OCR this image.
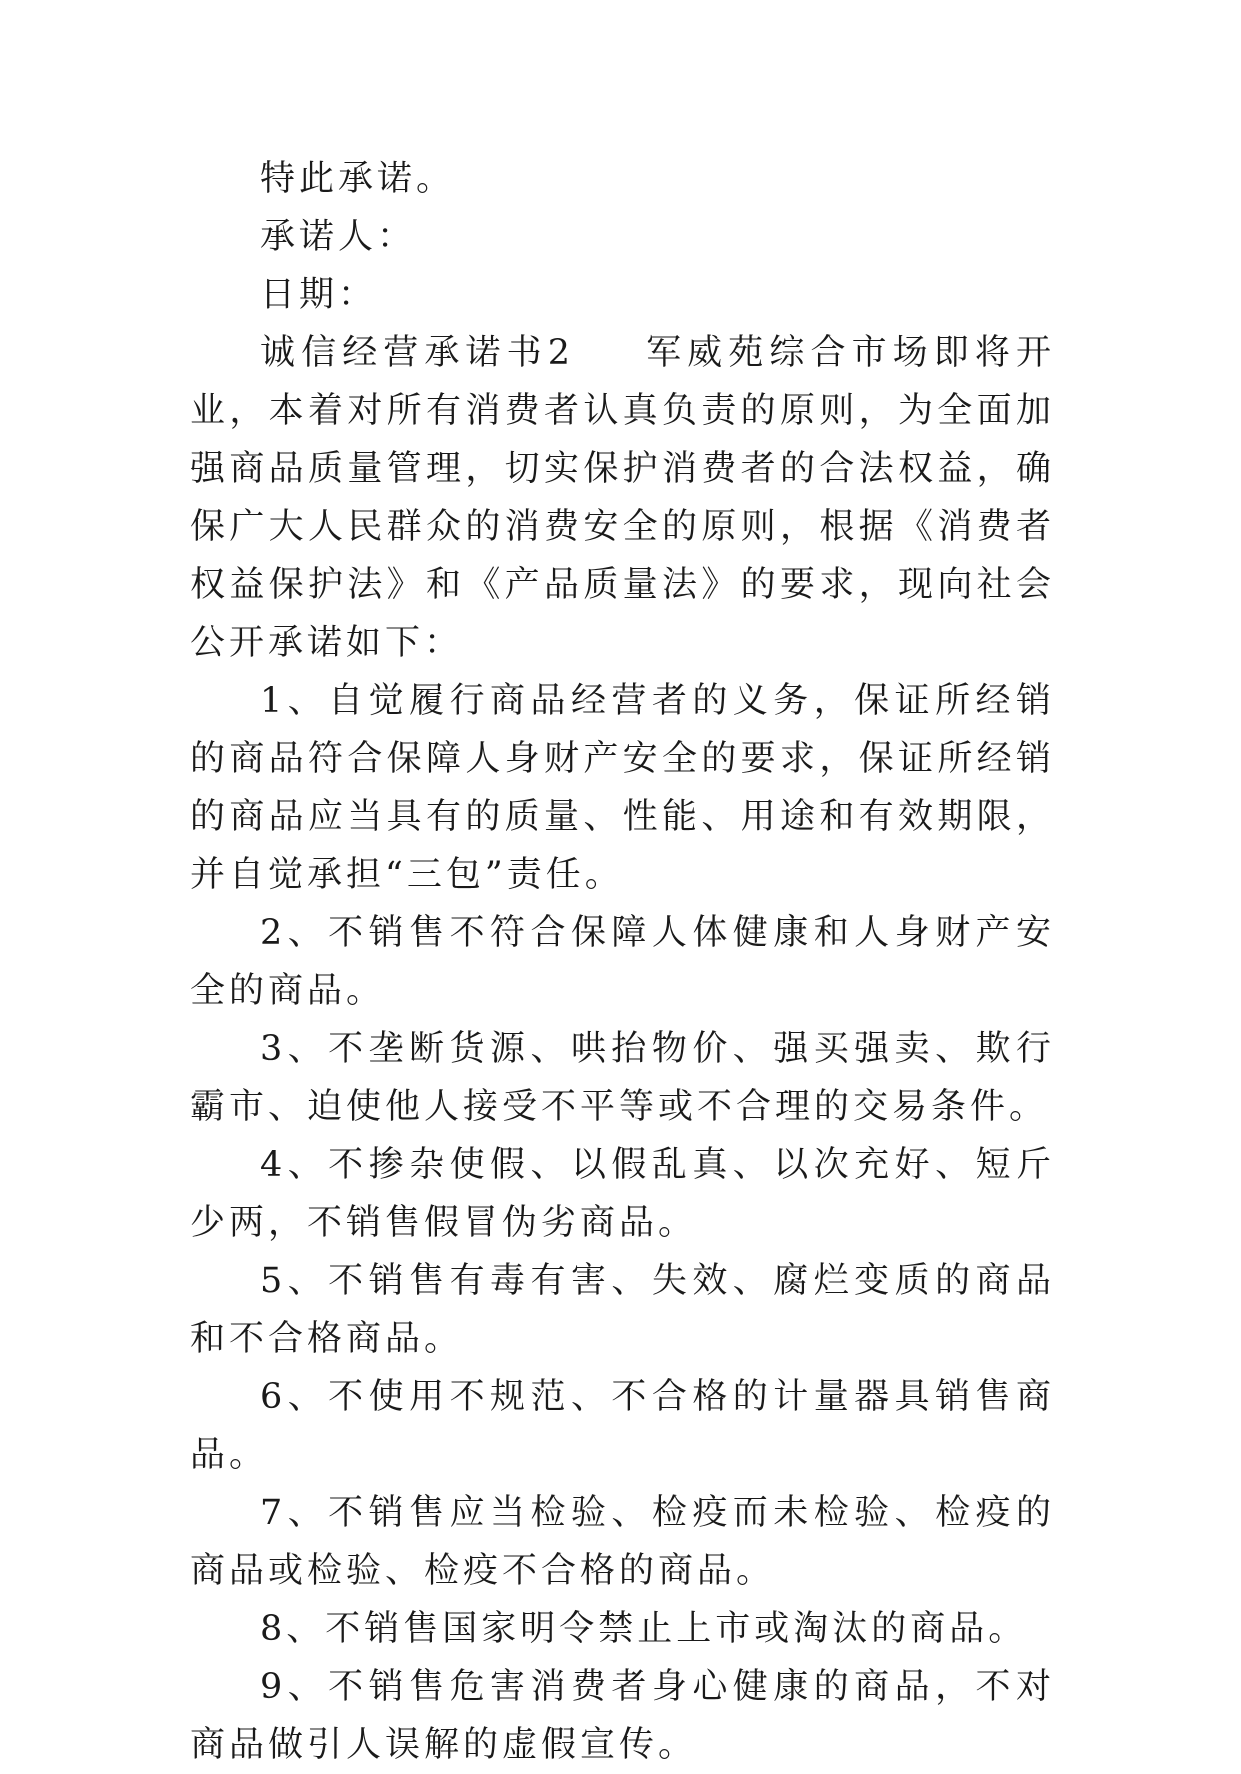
特此承诺。

承诺人：

日期：

诚信经营承诺书2 军威苑综合市场即将开业，本着对所有消费者认真负责的原则，为全面加强商品质量管理，切实保护消费者的合法权益，确保广大人民群众的消费安全的原则，根据《消费者权益保护法》和《产品质量法》的要求，现向社会公开承诺如下：

1、自觉履行商品经营者的义务，保证所经销的商品符合保障人身财产安全的要求，保证所经销的商品应当具有的质量、性能、用途和有效期限，并自觉承担“三包”责任。

2、不销售不符合保障人体健康和人身财产安全的商品。

3、不垄断货源、哄抬物价、强买强卖、欺行霸市、迫使他人接受不平等或不合理的交易条件。

4、不掺杂使假、以假乱真、以次充好、短斤少两，不销售假冒伪劣商品。

5、不销售有毒有害、失效、腐烂变质的商品和不合格商品。

6、不使用不规范、不合格的计量器具销售商品。

7、不销售应当检验、检疫而未检验、检疫的商品或检验、检疫不合格的商品。

8、不销售国家明令禁止上市或淘汰的商品。

9、不销售危害消费者身心健康的商品，不对商品做引人误解的虚假宣传。
